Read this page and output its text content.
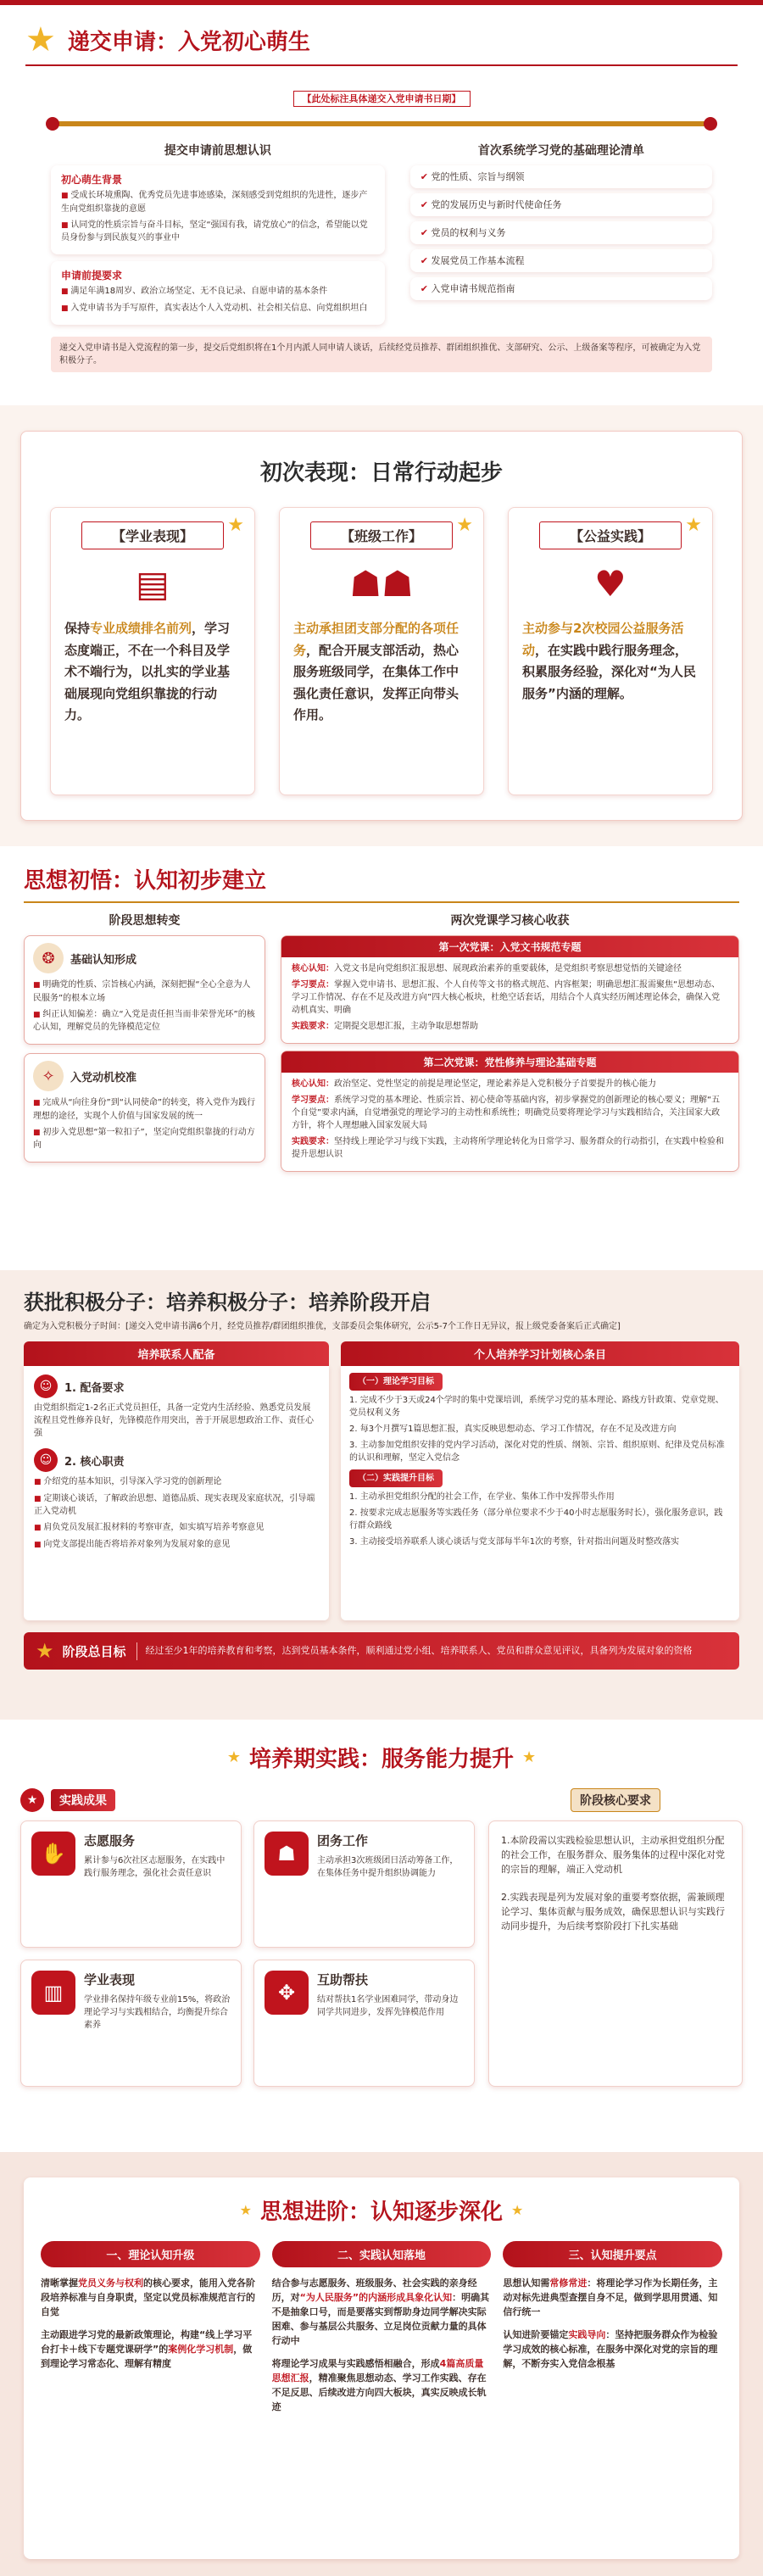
★ 递交申请：入党初心萌生
【此处标注具体递交入党申请书日期】
提交申请前思想认识
初心萌生背景
■ 受成长环境熏陶、优秀党员先进事迹感染，深刻感受到党组织的先进性，逐步产生向党组织靠拢的意愿
■ 认同党的性质宗旨与奋斗目标，坚定“强国有我，请党放心”的信念，希望能以党员身份参与到民族复兴的事业中
申请前提要求
■ 满足年满18周岁、政治立场坚定、无不良记录、自愿申请的基本条件
■ 入党申请书为手写原件，真实表达个人入党动机、社会相关信息、向党组织坦白
首次系统学习党的基础理论清单
✔ 党的性质、宗旨与纲领
✔ 党的发展历史与新时代使命任务
✔ 党员的权利与义务
✔ 发展党员工作基本流程
✔ 入党申请书规范指南
递交入党申请书是入党流程的第一步，提交后党组织将在1个月内派人同申请人谈话，后续经党员推荐、群团组织推优、支部研究、公示、上级备案等程序，可被确定为入党积极分子。
初次表现：日常行动起步
★
【学业表现】
▤
保持专业成绩排名前列，学习态度端正，不在一个科目及学术不端行为，以扎实的学业基础展现向党组织靠拢的行动力。
★
【班级工作】
☗☗
主动承担团支部分配的各项任务，配合开展支部活动，热心服务班级同学，在集体工作中强化责任意识，发挥正向带头作用。
★
【公益实践】
♥
主动参与2次校园公益服务活动，在实践中践行服务理念，积累服务经验，深化对“为人民服务”内涵的理解。
思想初悟：认知初步建立
阶段思想转变
❂	基础认知形成
■ 明确党的性质、宗旨核心内涵，深刻把握“全心全意为人民服务”的根本立场
■ 纠正认知偏差：确立“入党是责任担当而非荣誉光环”的核心认知，理解党员的先锋模范定位
✧	入党动机校准
■ 完成从“向往身份”到“认同使命”的转变，将入党作为践行理想的途径，实现个人价值与国家发展的统一
■ 初步入党思想“第一粒扣子”，坚定向党组织靠拢的行动方向
两次党课学习核心收获
第一次党课：入党文书规范专题
核心认知：入党文书是向党组织汇报思想、展现政治素养的重要载体，是党组织考察思想觉悟的关键途径
学习要点：掌握入党申请书、思想汇报、个人自传等文书的格式规范、内容框架；明确思想汇报需聚焦“思想动态、学习工作情况、存在不足及改进方向”四大核心板块，杜绝空话套话，用结合个人真实经历阐述理论体会，确保入党动机真实、明确
实践要求：定期提交思想汇报，主动争取思想帮助
第二次党课：党性修养与理论基础专题
核心认知：政治坚定、党性坚定的前提是理论坚定，理论素养是入党积极分子首要提升的核心能力
学习要点：系统学习党的基本理论、性质宗旨、初心使命等基础内容，初步掌握党的创新理论的核心要义；理解“五个自觉”要求内涵，自觉增强党的理论学习的主动性和系统性；明确党员要将理论学习与实践相结合，关注国家大政方针，将个人理想融入国家发展大局
实践要求：坚持线上理论学习与线下实践，主动将所学理论转化为日常学习、服务群众的行动指引，在实践中检验和提升思想认识
获批积极分子：培养积极分子：培养阶段开启
确定为入党积极分子时间：[递交入党申请书满6个月，经党员推荐/群团组织推优，支部委员会集体研究，公示5-7个工作日无异议，报上级党委备案后正式确定]
培养联系人配备
☺	1. 配备要求
由党组织指定1-2名正式党员担任，具备一定党内生活经验、熟悉党员发展流程且党性修养良好，先锋模范作用突出，善于开展思想政治工作、责任心强
☺	2. 核心职责
■ 介绍党的基本知识，引导深入学习党的创新理论
■ 定期谈心谈话，了解政治思想、道德品质、现实表现及家庭状况，引导端正入党动机
■ 肩负党员发展汇报材料的考察审查，如实填写培养考察意见
■ 向党支部提出能否将培养对象列为发展对象的意见
个人培养学习计划核心条目
（一）理论学习目标
1. 完成不少于3天或24个学时的集中党课培训，系统学习党的基本理论、路线方针政策、党章党规、党员权利义务
2. 每3个月撰写1篇思想汇报，真实反映思想动态、学习工作情况，存在不足及改进方向
3. 主动参加党组织安排的党内学习活动，深化对党的性质、纲领、宗旨、组织原则、纪律及党员标准的认识和理解，坚定入党信念
（二）实践提升目标
1. 主动承担党组织分配的社会工作，在学业、集体工作中发挥带头作用
2. 按要求完成志愿服务等实践任务（部分单位要求不少于40小时志愿服务时长），强化服务意识，践行群众路线
3. 主动接受培养联系人谈心谈话与党支部每半年1次的考察，针对指出问题及时整改落实
★ 阶段总目标	经过至少1年的培养教育和考察，达到党员基本条件，顺利通过党小组、培养联系人、党员和群众意见评议，具备列为发展对象的资格
★ 培养期实践：服务能力提升 ★
★	实践成果
✋
志愿服务
累计参与6次社区志愿服务，在实践中践行服务理念，强化社会责任意识
☗
团务工作
主动承担3次班级团日活动筹备工作，在集体任务中提升组织协调能力
▥
学业表现
学业排名保持年级专业前15%，将政治理论学习与实践相结合，均衡提升综合素养
✥
互助帮扶
结对帮扶1名学业困难同学，带动身边同学共同进步，发挥先锋模范作用
阶段核心要求
1.本阶段需以实践检验思想认识，主动承担党组织分配的社会工作，在服务群众、服务集体的过程中深化对党的宗旨的理解，端正入党动机
2.实践表现是列为发展对象的重要考察依据，需兼顾理论学习、集体贡献与服务成效，确保思想认识与实践行动同步提升，为后续考察阶段打下扎实基础
★ 思想进阶：认知逐步深化 ★
一、理论认知升级
清晰掌握党员义务与权利的核心要求，能用入党各阶段培养标准与自身职责，坚定以党员标准规范言行的自觉
主动跟进学习党的最新政策理论，构建“线上学习平台打卡＋线下专题党课研学”的案例化学习机制，做到理论学习常态化、理解有精度
二、实践认知落地
结合参与志愿服务、班级服务、社会实践的亲身经历，对“为人民服务”的内涵形成具象化认知：明确其不是抽象口号，而是要落实到帮助身边同学解决实际困难、参与基层公共服务、立足岗位贡献力量的具体行动中
将理论学习成果与实践感悟相融合，形成4篇高质量思想汇报，精准聚焦思想动态、学习工作实践、存在不足反思、后续改进方向四大板块，真实反映成长轨迹
三、认知提升要点
思想认知需常修常进：将理论学习作为长期任务，主动对标先进典型查摆自身不足，做到学思用贯通、知信行统一
认知进阶要锚定实践导向：坚持把服务群众作为检验学习成效的核心标准，在服务中深化对党的宗旨的理解，不断夯实入党信念根基
